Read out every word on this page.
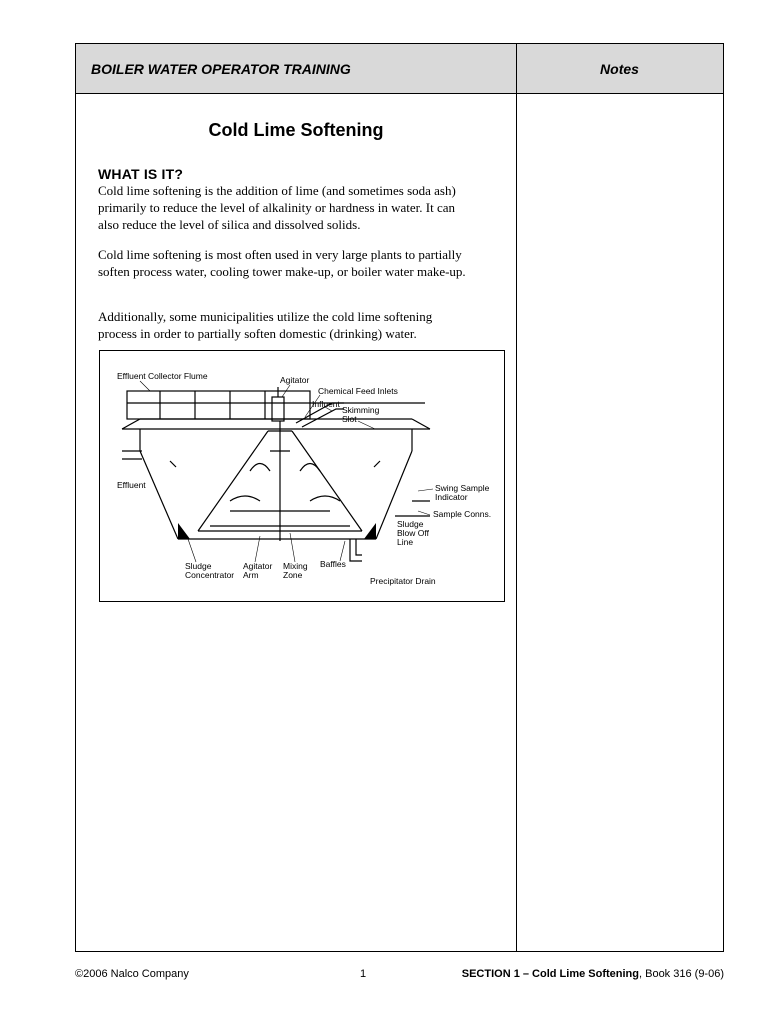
BOILER WATER OPERATOR TRAINING	Notes
Cold Lime Softening
WHAT IS IT?
Cold lime softening is the addition of lime (and sometimes soda ash) primarily to reduce the level of alkalinity or hardness in water. It can also reduce the level of silica and dissolved solids.
Cold lime softening is most often used in very large plants to partially soften process water, cooling tower make-up, or boiler water make-up.
Additionally, some municipalities utilize the cold lime softening process in order to partially soften domestic (drinking) water.
Effluent Collector Flume	Agitator
Chemical Feed Inlets
Influent
Skimming
Slot
Effluent	Swing Sample
Indicator
Sample Conns.
Sludge
Blow Off
Line
Sludge
Concentrator
Agitator
Arm
Mixing
Zone
Baffles
Precipitator Drain
©2006 Nalco Company	1	SECTION 1 – Cold Lime Softening, Book 316 (9-06)
